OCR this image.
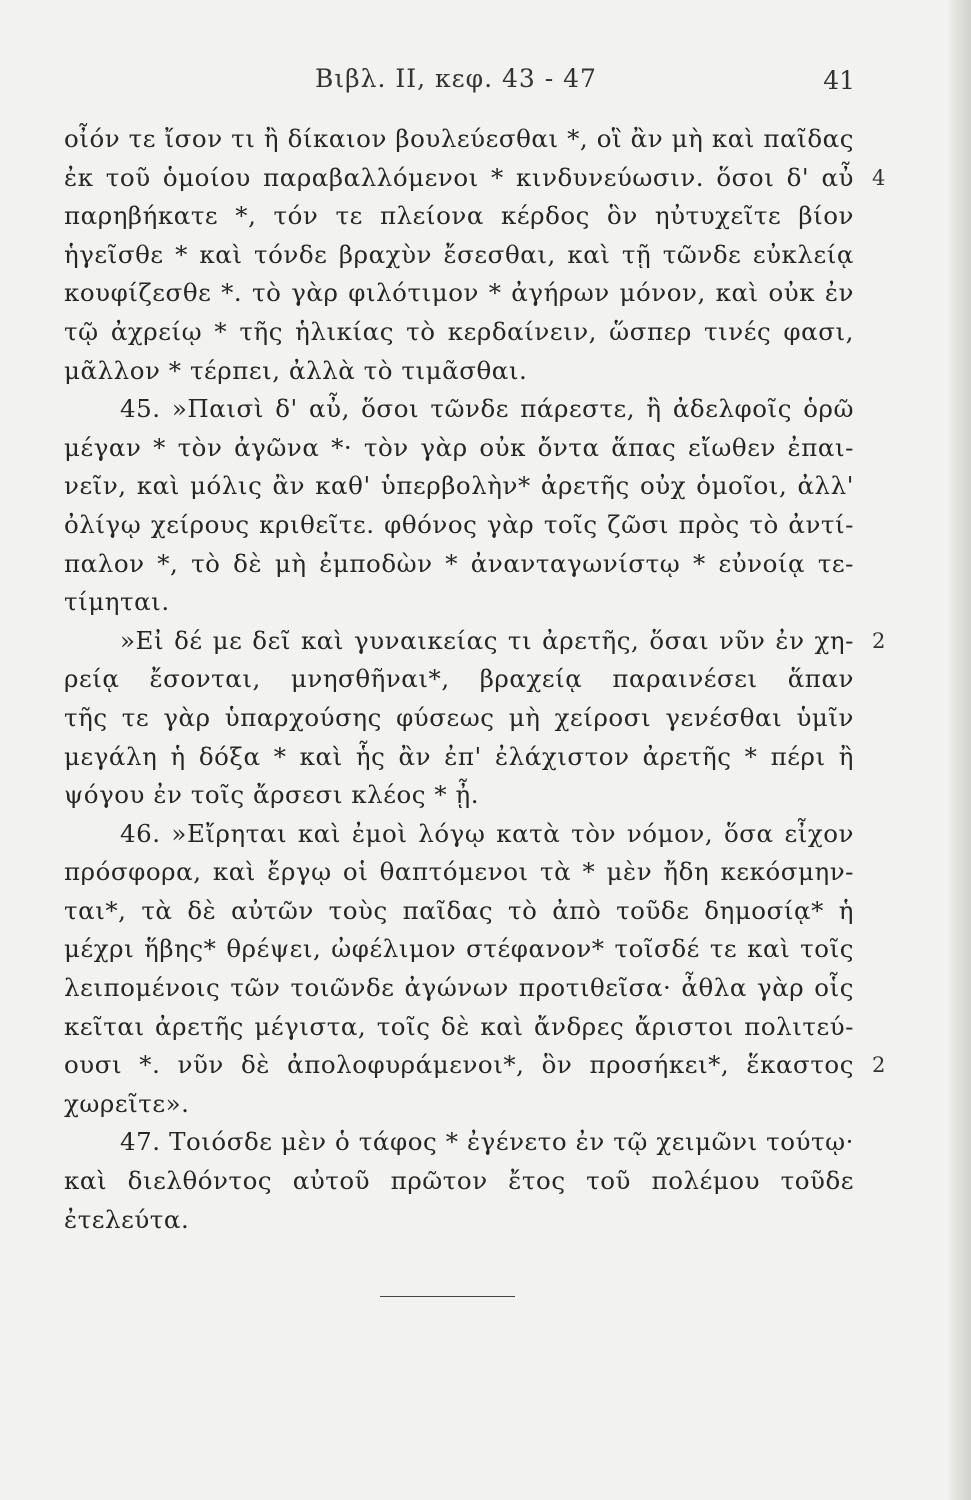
Βιβλ. II, κεφ. 43 - 47	41
οἶόν τε ἴσον τι ἢ δίκαιον βουλεύεσθαι *, οἳ ἂν μὴ καὶ παῖδας
ἐκ τοῦ ὁμοίου παραβαλλόμενοι * κινδυνεύωσιν. ὅσοι δ' αὖ 4
παρηβήκατε *, τόν τε πλείονα κέρδος ὃν ηὐτυχεῖτε βίον
ἡγεῖσθε * καὶ τόνδε βραχὺν ἔσεσθαι, καὶ τῇ τῶνδε εὐκλείᾳ
κουφίζεσθε *. τὸ γὰρ φιλότιμον * ἀγήρων μόνον, καὶ οὐκ ἐν
τῷ ἀχρείῳ * τῆς ἡλικίας τὸ κερδαίνειν, ὥσπερ τινές φασι,
μᾶλλον * τέρπει, ἀλλὰ τὸ τιμᾶσθαι.
45. »Παισὶ δ' αὖ, ὅσοι τῶνδε πάρεστε, ἢ ἀδελφοῖς ὁρῶ
μέγαν * τὸν ἀγῶνα *· τὸν γὰρ οὐκ ὄντα ἅπας εἴωθεν ἐπαι-
νεῖν, καὶ μόλις ἂν καθ' ὑπερβολὴν* ἀρετῆς οὐχ ὁμοῖοι, ἀλλ'
ὀλίγῳ χείρους κριθεῖτε. φθόνος γὰρ τοῖς ζῶσι πρὸς τὸ ἀντί-
παλον *, τὸ δὲ μὴ ἐμποδὼν * ἀνανταγωνίστῳ * εὐνοίᾳ τε-
τίμηται.
»Εἰ δέ με δεῖ καὶ γυναικείας τι ἀρετῆς, ὅσαι νῦν ἐν χη- 2
ρείᾳ ἔσονται, μνησθῆναι*, βραχείᾳ παραινέσει ἅπαν
τῆς τε γὰρ ὑπαρχούσης φύσεως μὴ χείροσι γενέσθαι ὑμῖν
μεγάλη ἡ δόξα * καὶ ἧς ἂν ἐπ' ἐλάχιστον ἀρετῆς * πέρι ἢ
ψόγου ἐν τοῖς ἄρσεσι κλέος * ᾖ.
46. »Εἴρηται καὶ ἐμοὶ λόγῳ κατὰ τὸν νόμον, ὅσα εἶχον
πρόσφορα, καὶ ἔργῳ οἱ θαπτόμενοι τὰ * μὲν ἤδη κεκόσμην-
ται*, τὰ δὲ αὐτῶν τοὺς παῖδας τὸ ἀπὸ τοῦδε δημοσίᾳ* ἡ
μέχρι ἥβης* θρέψει, ὠφέλιμον στέφανον* τοῖσδέ τε καὶ τοῖς
λειπομένοις τῶν τοιῶνδε ἀγώνων προτιθεῖσα· ἆθλα γὰρ οἷς
κεῖται ἀρετῆς μέγιστα, τοῖς δὲ καὶ ἄνδρες ἄριστοι πολιτεύ-
ουσι *. νῦν δὲ ἀπολοφυράμενοι*, ὃν προσήκει*, ἕκαστος 2
χωρεῖτε».
47. Τοιόσδε μὲν ὁ τάφος * ἐγένετο ἐν τῷ χειμῶνι τούτῳ·
καὶ διελθόντος αὐτοῦ πρῶτον ἔτος τοῦ πολέμου τοῦδε
ἐτελεύτα.
